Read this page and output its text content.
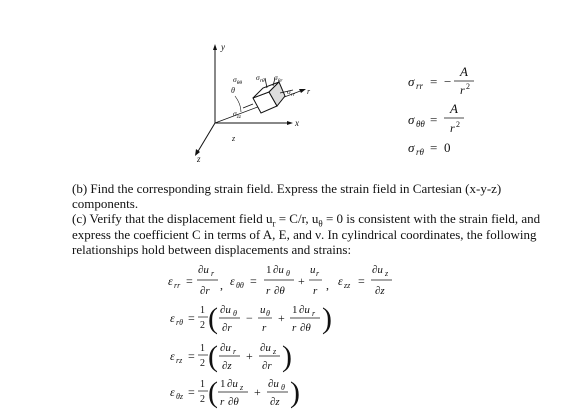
y
x
z
z
r
θ
$\sigma_{\theta\theta}$
$\sigma_{r\theta}$ $\sigma_{\theta r}$
$\sigma_{rr}$
$\sigma_{zz}$
σ rr = −
A
r 2
σ θθ =
A
r 2
σ rθ = 0
(b) Find the corresponding strain field. Express the strain field in Cartesian (x-y-z)
components.
(c) Verify that the displacement field $u_r = C/r$, $u_\theta = 0$ is consistent with the strain field, and
express the coefficient C in terms of A, E, and ν. In cylindrical coordinates, the following
relationships hold between displacements and strains:
ε rr =
∂u r
∂r , ε θθ =
1 ∂u θ
r ∂θ
+
u r
r , ε zz =
∂u z
∂z
ε rθ =
1
2 ( ∂u θ
∂r
−
u θ
r
+
1 ∂u r
r ∂θ )
ε rz =
1
2 ( ∂u r
∂z
+
∂u z
∂r )
ε θz =
1
2 ( 1 ∂u z
r ∂θ
+
∂u θ
∂z )
